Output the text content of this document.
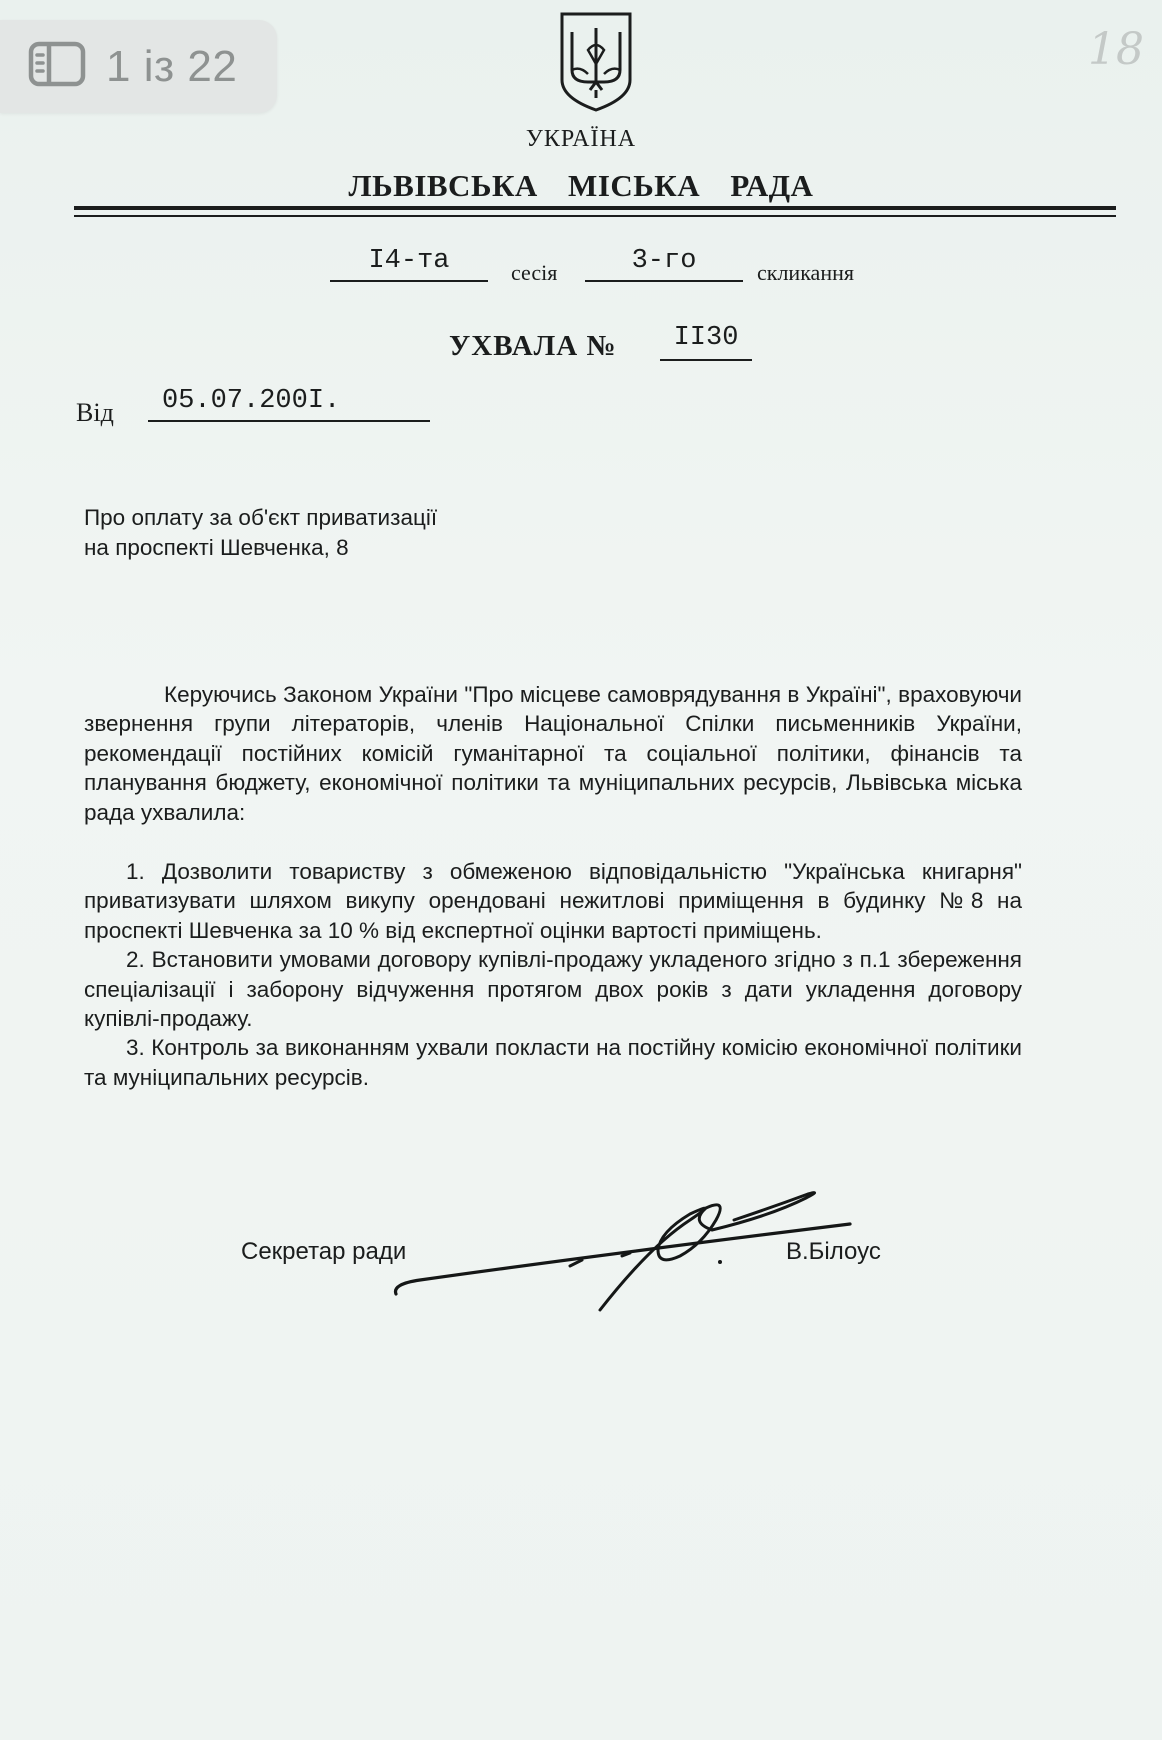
1 із 22	18
УКРАЇНА
ЛЬВІВСЬКА МІСЬКА РАДА
I4-та	сесія	3-го	скликання
УХВАЛА №	II30
Від	05.07.200I.
Про оплату за об'єкт приватизації
на проспекті Шевченка, 8

Керуючись Законом України "Про місцеве самоврядування в Україні", враховуючи звернення групи літераторів, членів Національної Спілки письменників України, рекомендації постійних комісій гуманітарної та соціальної політики, фінансів та планування бюджету, економічної політики та муніципальних ресурсів, Львівська міська рада ухвалила:

1. Дозволити товариству з обмеженою відповідальністю "Українська книгарня" приватизувати шляхом викупу орендовані нежитлові приміщення в будинку №8 на проспекті Шевченка за 10 % від експертної оцінки вартості приміщень.

2. Встановити умовами договору купівлі-продажу укладеного згідно з п.1 збереження спеціалізації і заборону відчуження протягом двох років з дати укладення договору купівлі-продажу.

3. Контроль за виконанням ухвали покласти на постійну комісію економічної політики та муніципальних ресурсів.

Секретар ради	В.Білоус
